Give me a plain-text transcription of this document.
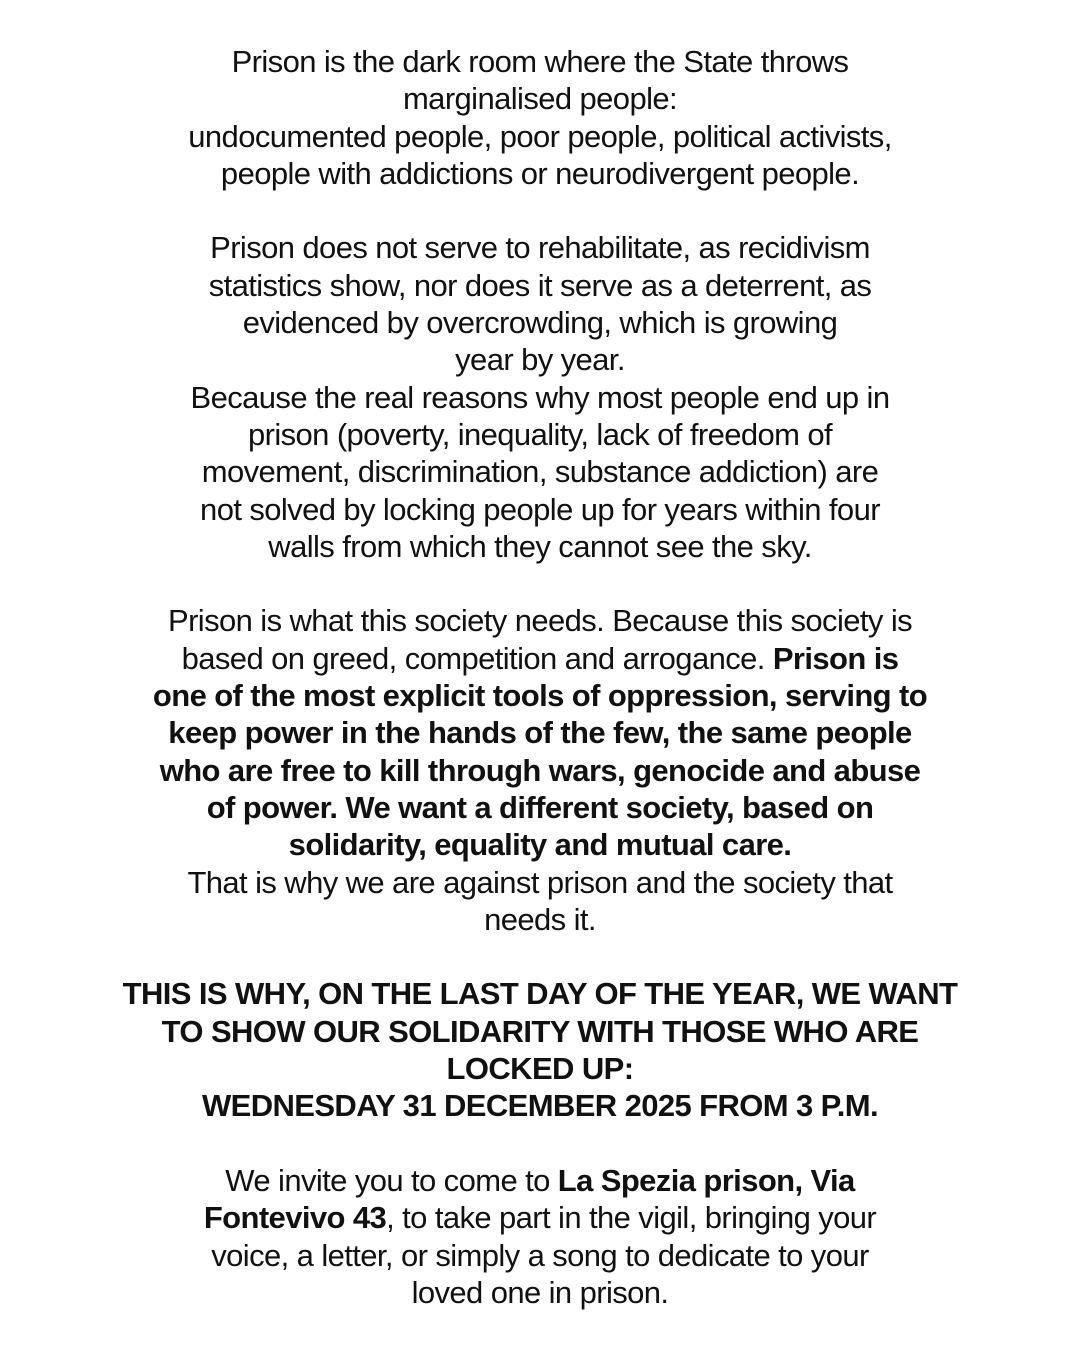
Prison is the dark room where the State throws
marginalised people:
undocumented people, poor people, political activists,
people with addictions or neurodivergent people.
Prison does not serve to rehabilitate, as recidivism
statistics show, nor does it serve as a deterrent, as
evidenced by overcrowding, which is growing
year by year.
Because the real reasons why most people end up in
prison (poverty, inequality, lack of freedom of
movement, discrimination, substance addiction) are
not solved by locking people up for years within four
walls from which they cannot see the sky.
Prison is what this society needs. Because this society is
based on greed, competition and arrogance. Prison is
one of the most explicit tools of oppression, serving to
keep power in the hands of the few, the same people
who are free to kill through wars, genocide and abuse
of power. We want a different society, based on
solidarity, equality and mutual care.
That is why we are against prison and the society that
needs it.
THIS IS WHY, ON THE LAST DAY OF THE YEAR, WE WANT
TO SHOW OUR SOLIDARITY WITH THOSE WHO ARE
LOCKED UP:
WEDNESDAY 31 DECEMBER 2025 FROM 3 P.M.
We invite you to come to La Spezia prison, Via
Fontevivo 43, to take part in the vigil, bringing your
voice, a letter, or simply a song to dedicate to your
loved one in prison.
